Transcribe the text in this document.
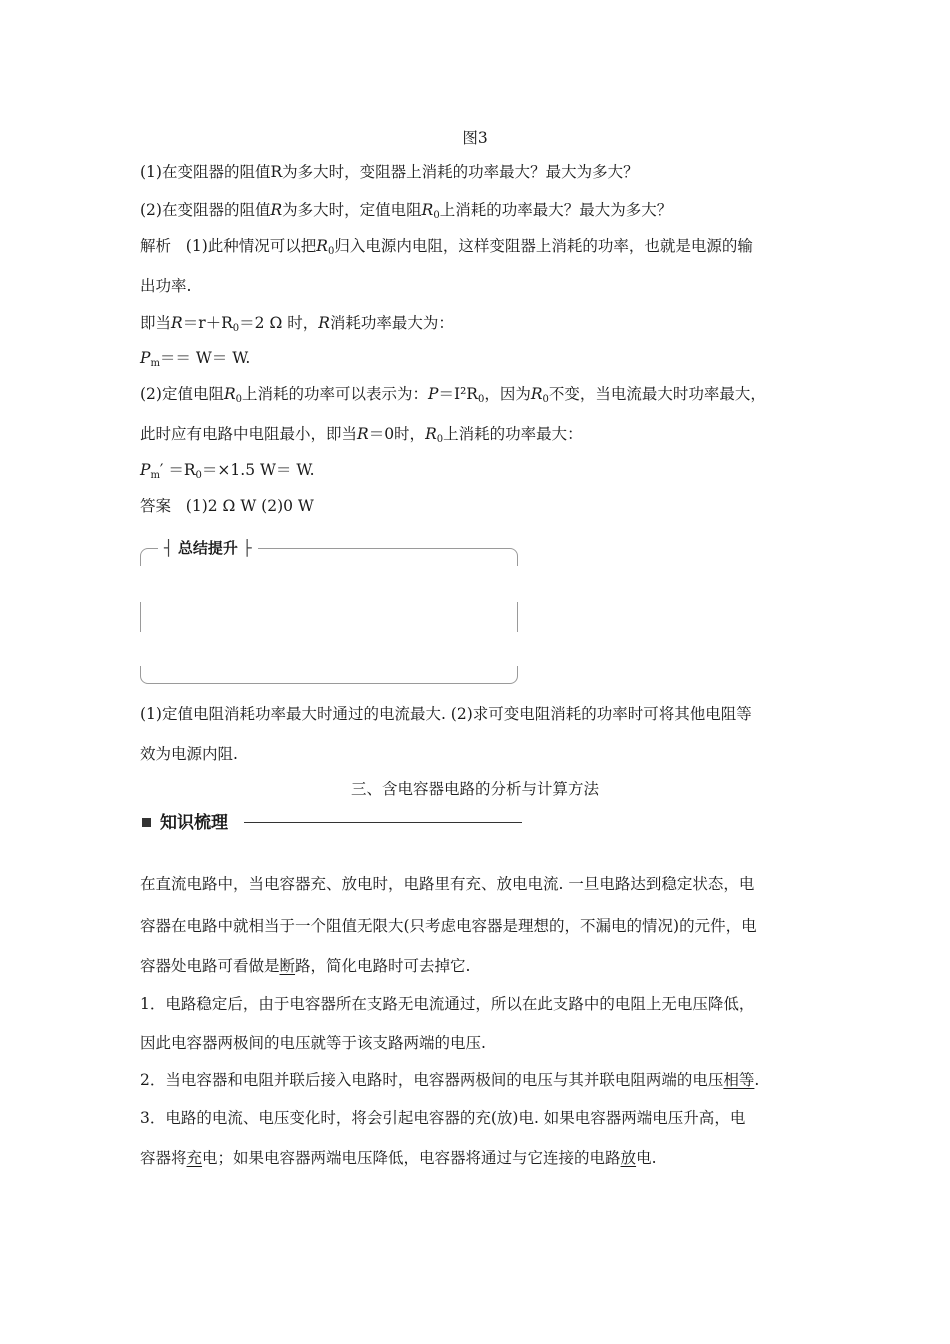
图3
(1)在变阻器的阻值R为多大时，变阻器上消耗的功率最大？最大为多大？
(2)在变阻器的阻值R为多大时，定值电阻$R_0$上消耗的功率最大？最大为多大？
解析 (1)此种情况可以把$R_0$归入电源内电阻，这样变阻器上消耗的功率，也就是电源的输
出功率.
即当$R=r+R_0=2$ Ω 时，R消耗功率最大为：
$P_m== W= W$.
(2)定值电阻$R_0$上消耗的功率可以表示为：$P=I^2R_0$，因为$R_0$不变，当电流最大时功率最大，
此时应有电路中电阻最小，即当R＝0时，$R_0$上消耗的功率最大：
$P_m' =R_0=\times 1.5$ W＝ W.
答案 (1)2 Ω W (2)0 W
┤ 总结提升 ├
(1)定值电阻消耗功率最大时通过的电流最大. (2)求可变电阻消耗的功率时可将其他电阻等
效为电源内阻.
三、含电容器电路的分析与计算方法
知识梳理
在直流电路中，当电容器充、放电时，电路里有充、放电电流. 一旦电路达到稳定状态，电
容器在电路中就相当于一个阻值无限大(只考虑电容器是理想的，不漏电的情况)的元件，电
容器处电路可看做是断路，简化电路时可去掉它.
1．电路稳定后，由于电容器所在支路无电流通过，所以在此支路中的电阻上无电压降低，
因此电容器两极间的电压就等于该支路两端的电压.
2．当电容器和电阻并联后接入电路时，电容器两极间的电压与其并联电阻两端的电压相等.
3．电路的电流、电压变化时，将会引起电容器的充(放)电. 如果电容器两端电压升高，电
容器将充电；如果电容器两端电压降低，电容器将通过与它连接的电路放电.
